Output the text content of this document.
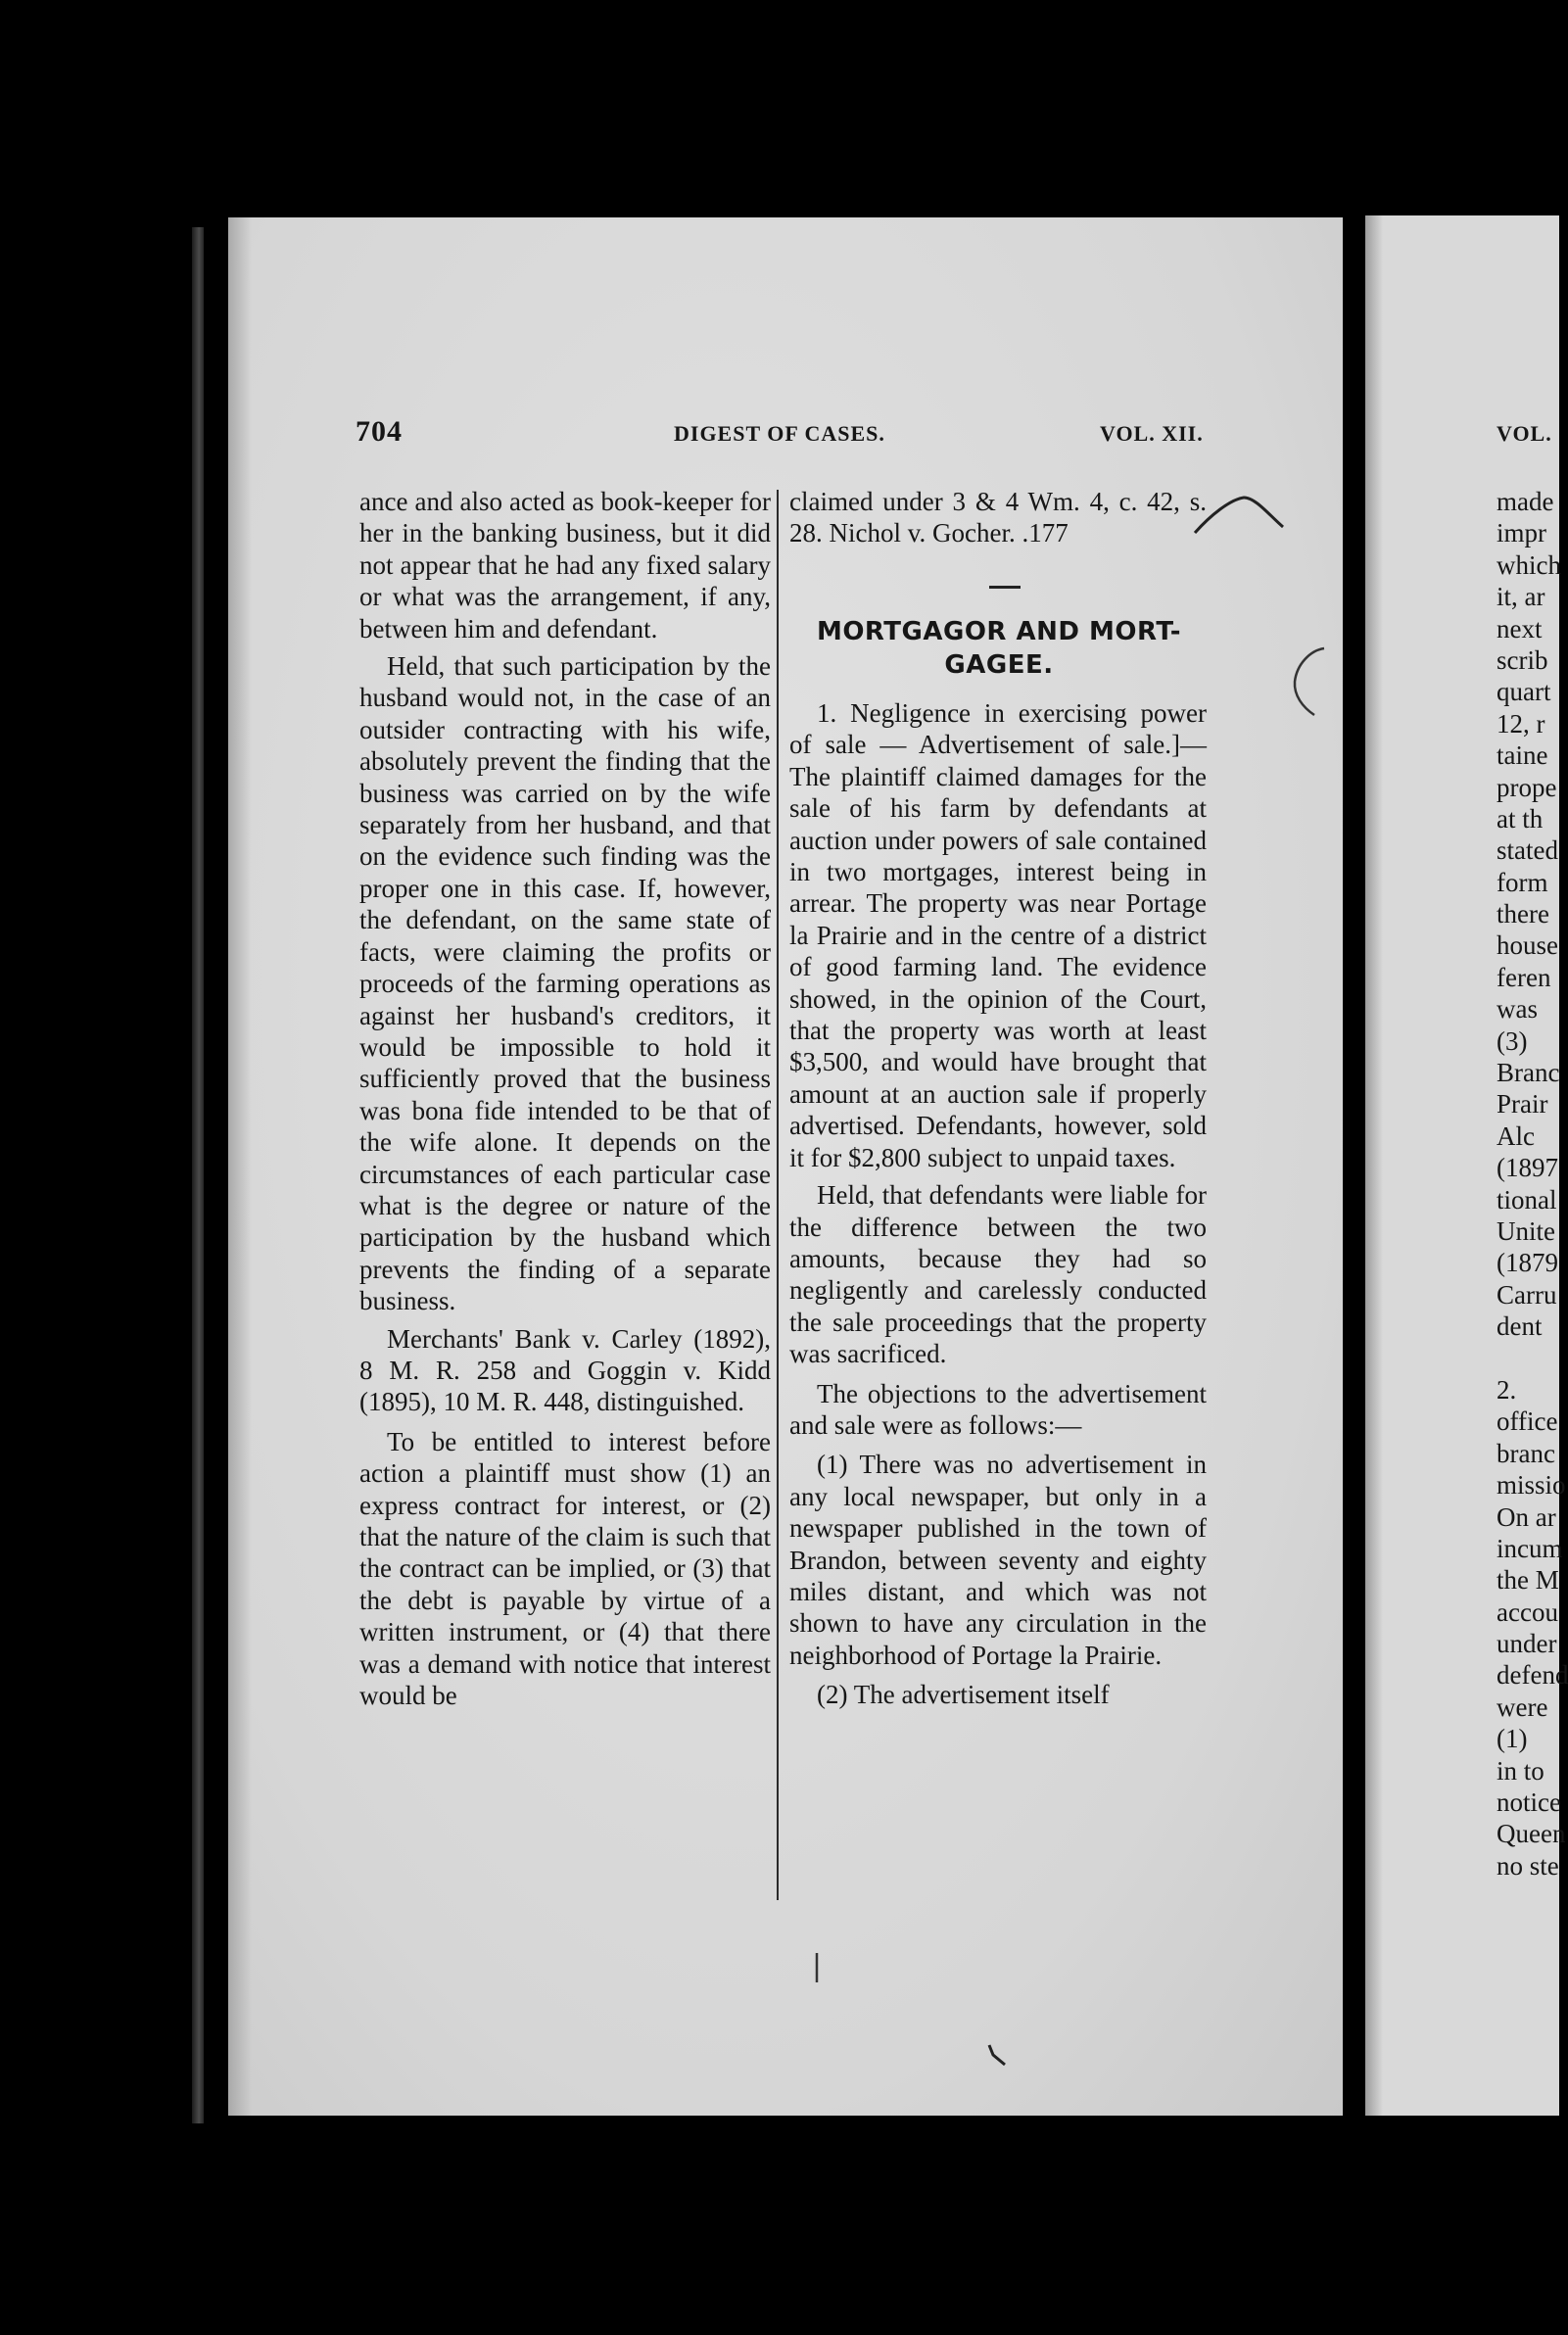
704	DIGEST OF CASES.	VOL. XII.

ance and also acted as book-keeper for her in the banking business, but it did not appear that he had any fixed salary or what was the arrangement, if any, between him and defendant.

Held, that such participation by the husband would not, in the case of an outsider contracting with his wife, absolutely prevent the finding that the business was carried on by the wife separately from her husband, and that on the evidence such finding was the proper one in this case. If, however, the defendant, on the same state of facts, were claiming the profits or proceeds of the farming operations as against her husband's creditors, it would be impossible to hold it sufficiently proved that the business was bona fide intended to be that of the wife alone. It depends on the circumstances of each particular case what is the degree or nature of the participation by the husband which prevents the finding of a separate business.

Merchants' Bank v. Carley (1892), 8 M. R. 258 and Goggin v. Kidd (1895), 10 M. R. 448, distinguished.

To be entitled to interest before action a plaintiff must show (1) an express contract for interest, or (2) that the nature of the claim is such that the contract can be implied, or (3) that the debt is payable by virtue of a written instrument, or (4) that there was a demand with notice that interest would be

claimed under 3 & 4 Wm. 4, c. 42, s. 28. Nichol v. Gocher. .177

MORTGAGOR AND MORT-
GAGEE.

1. Negligence in exercising power of sale — Advertisement of sale.]—The plaintiff claimed damages for the sale of his farm by defendants at auction under powers of sale contained in two mortgages, interest being in arrear. The property was near Portage la Prairie and in the centre of a district of good farming land. The evidence showed, in the opinion of the Court, that the property was worth at least $3,500, and would have brought that amount at an auction sale if properly advertised. Defendants, however, sold it for $2,800 subject to unpaid taxes.

Held, that defendants were liable for the difference between the two amounts, because they had so negligently and carelessly conducted the sale proceedings that the property was sacrificed.

The objections to the advertisement and sale were as follows:—

(1) There was no advertisement in any local newspaper, but only in a newspaper published in the town of Brandon, between seventy and eighty miles distant, and which was not shown to have any circulation in the neighborhood of Portage la Prairie.

(2) The advertisement itself

VOL.
made
impr
which
it, ar
next
scrib
quart
12, r
taine
prope
at th
stated
form
there
house
feren
was
(3)
Branc
Prair
Alc
(1897
tional
Unite
(1879
Carru
dent
2.
office
branc
missio
On ar
incum
the M
accou
under
defend
were
(1)
in to
notice
Queen
no ste
